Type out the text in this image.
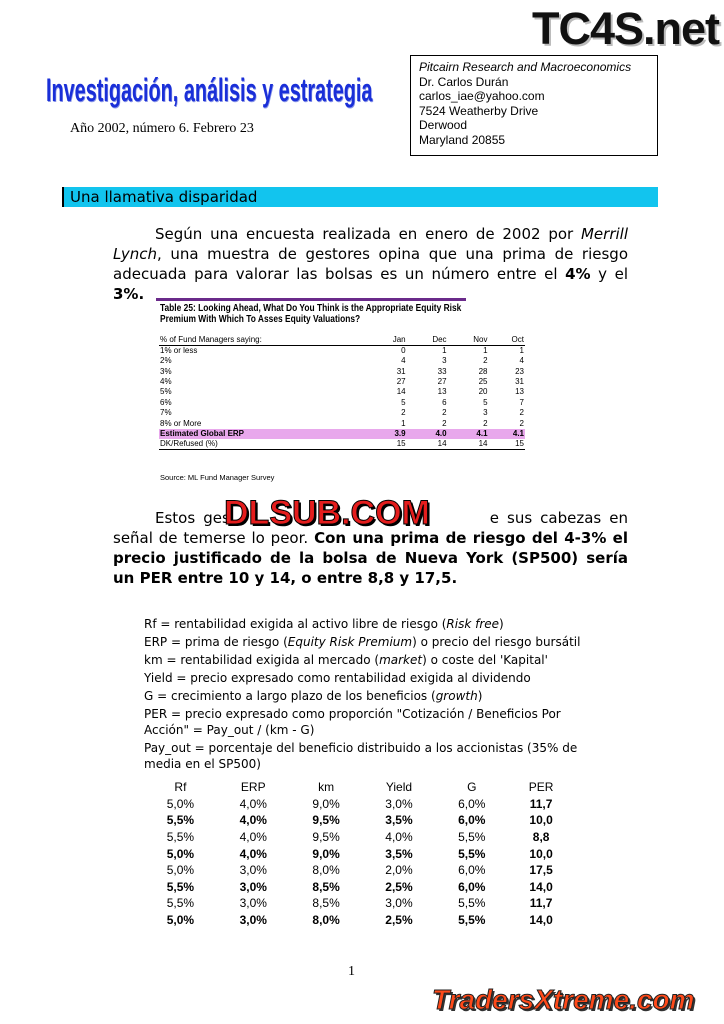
TC4S.net
Investigación, análisis y estrategia
Año 2002, número 6. Febrero 23
Pitcairn Research and Macroeconomics
Dr. Carlos Durán
carlos_iae@yahoo.com
7524 Weatherby Drive
Derwood
Maryland 20855
Una llamativa disparidad
Según una encuesta realizada en enero de 2002 por Merrill Lynch, una muestra de gestores opina que una prima de riesgo adecuada para valorar las bolsas es un número entre el 4% y el 3%.
Table 25: Looking Ahead, What Do You Think is the Appropriate Equity Risk Premium With Which To Asses Equity Valuations?
% of Fund Managers saying:	Jan	Dec	Nov	Oct
1% or less	0	1	1	1
2%	4	3	2	4
3%	31	33	28	23
4%	27	27	25	31
5%	14	13	20	13
6%	5	6	5	7
7%	2	2	3	2
8% or More	1	2	2	2
Estimated Global ERP	3.9	4.0	4.1	4.1
DK/Refused (%)	15	14	14	15
Source: ML Fund Manager Survey
Estos ges	e sus cabezas en señal de temerse lo peor. Con una prima de riesgo del 4-3% el precio justificado de la bolsa de Nueva York (SP500) sería un PER entre 10 y 14, o entre 8,8 y 17,5.
DLSUB.COM

Rf = rentabilidad exigida al activo libre de riesgo (Risk free)

ERP = prima de riesgo (Equity Risk Premium) o precio del riesgo bursátil

km = rentabilidad exigida al mercado (market) o coste del 'Kapital'

Yield = precio expresado como rentabilidad exigida al dividendo

G = crecimiento a largo plazo de los beneficios (growth)

PER = precio expresado como proporción "Cotización / Beneficios Por Acción" = Pay_out / (km - G)

Pay_out = porcentaje del beneficio distribuido a los accionistas (35% de media en el SP500)

Rf	ERP	km	Yield	G	PER
5,0%	4,0%	9,0%	3,0%	6,0%	11,7
5,5%	4,0%	9,5%	3,5%	6,0%	10,0
5,5%	4,0%	9,5%	4,0%	5,5%	8,8
5,0%	4,0%	9,0%	3,5%	5,5%	10,0
5,0%	3,0%	8,0%	2,0%	6,0%	17,5
5,5%	3,0%	8,5%	2,5%	6,0%	14,0
5,5%	3,0%	8,5%	3,0%	5,5%	11,7
5,0%	3,0%	8,0%	2,5%	5,5%	14,0
1
TradersXtreme.com
